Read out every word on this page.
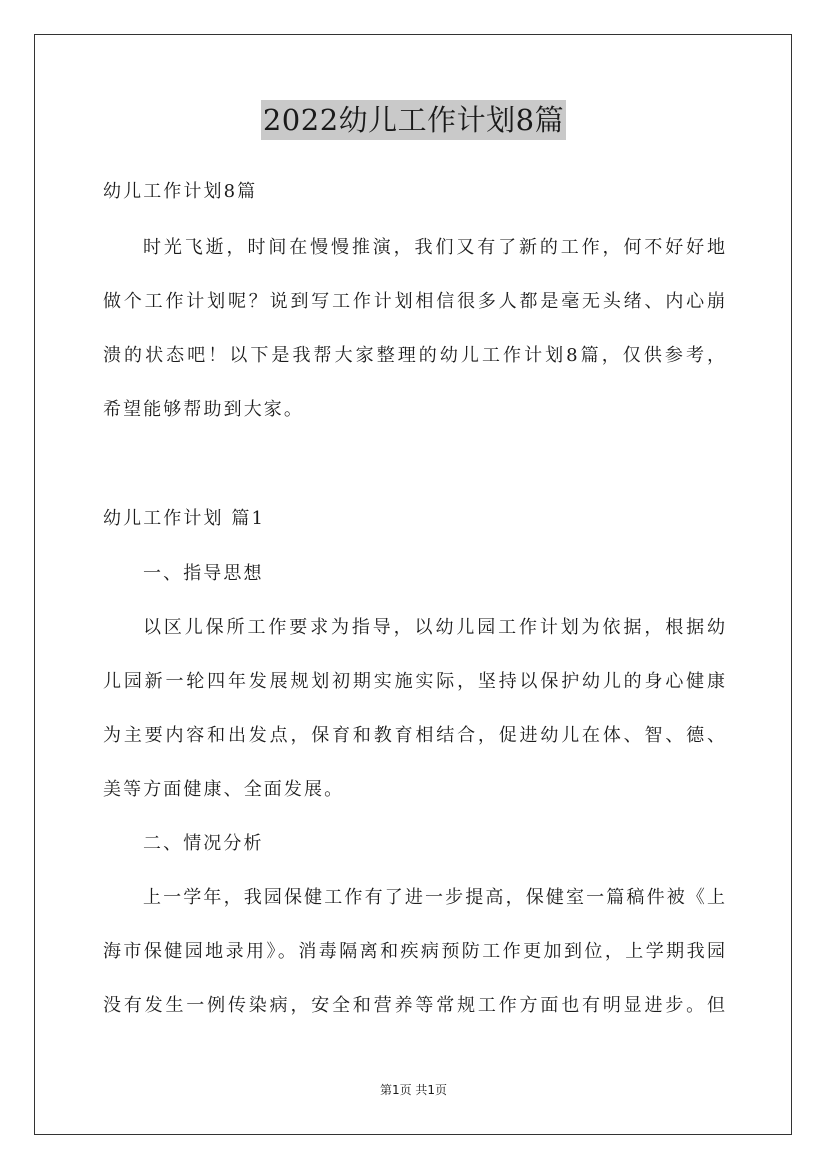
2022幼儿工作计划8篇
幼儿工作计划8篇
时光飞逝，时间在慢慢推演，我们又有了新的工作，何不好好地
做个工作计划呢？说到写工作计划相信很多人都是毫无头绪、内心崩
溃的状态吧！以下是我帮大家整理的幼儿工作计划8篇，仅供参考，
希望能够帮助到大家。
幼儿工作计划 篇1
一、指导思想
以区儿保所工作要求为指导，以幼儿园工作计划为依据，根据幼
儿园新一轮四年发展规划初期实施实际，坚持以保护幼儿的身心健康
为主要内容和出发点，保育和教育相结合，促进幼儿在体、智、德、
美等方面健康、全面发展。
二、情况分析
上一学年，我园保健工作有了进一步提高，保健室一篇稿件被《上
海市保健园地录用》。消毒隔离和疾病预防工作更加到位，上学期我园
没有发生一例传染病，安全和营养等常规工作方面也有明显进步。但
第1页 共1页
